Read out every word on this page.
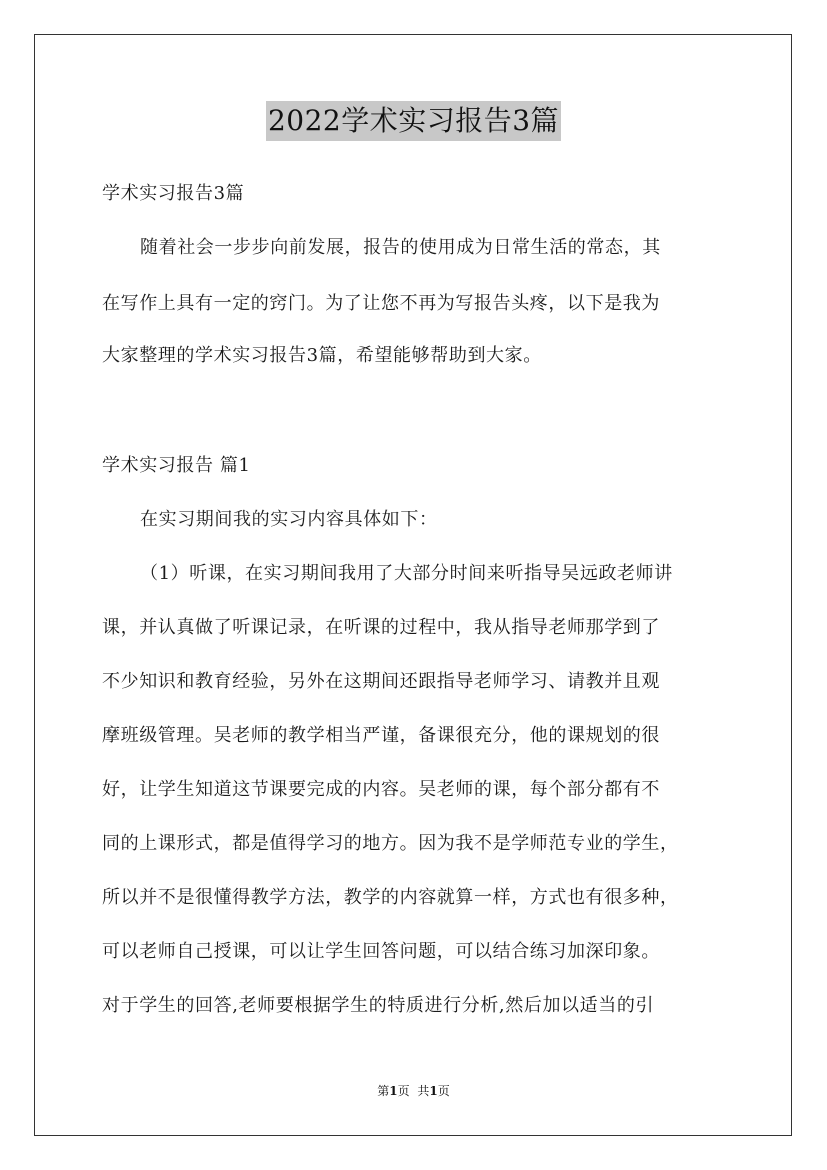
2022学术实习报告3篇
学术实习报告3篇
随着社会一步步向前发展，报告的使用成为日常生活的常态，其
在写作上具有一定的窍门。为了让您不再为写报告头疼，以下是我为
大家整理的学术实习报告3篇，希望能够帮助到大家。
学术实习报告 篇1
在实习期间我的实习内容具体如下：
（1）听课，在实习期间我用了大部分时间来听指导吴远政老师讲
课，并认真做了听课记录，在听课的过程中，我从指导老师那学到了
不少知识和教育经验，另外在这期间还跟指导老师学习、请教并且观
摩班级管理。吴老师的教学相当严谨，备课很充分，他的课规划的很
好，让学生知道这节课要完成的内容。吴老师的课，每个部分都有不
同的上课形式，都是值得学习的地方。因为我不是学师范专业的学生，
所以并不是很懂得教学方法，教学的内容就算一样，方式也有很多种，
可以老师自己授课，可以让学生回答问题，可以结合练习加深印象。
对于学生的回答,老师要根据学生的特质进行分析,然后加以适当的引
第1页 共1页
